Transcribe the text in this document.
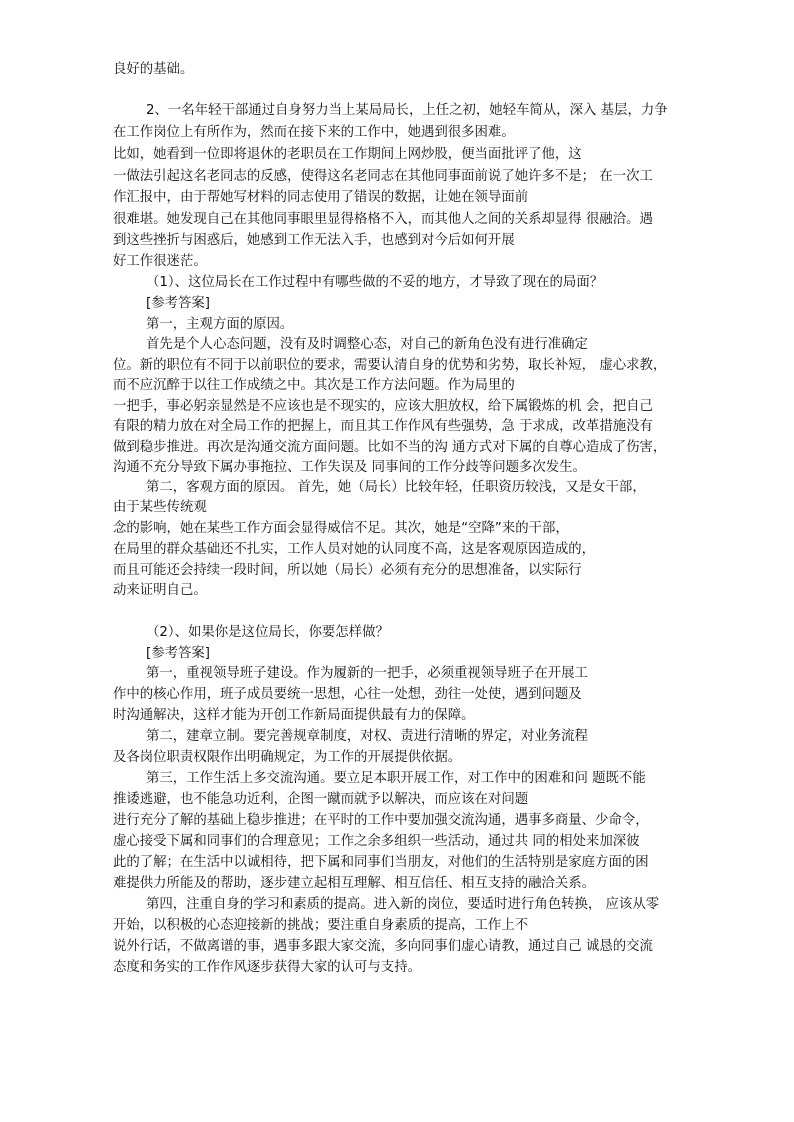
良好的基础。
2、一名年轻干部通过自身努力当上某局局长，上任之初，她轻车简从，深入 基层，力争
在工作岗位上有所作为，然而在接下来的工作中，她遇到很多困难。
比如，她看到一位即将退休的老职员在工作期间上网炒股，便当面批评了他，这
一做法引起这名老同志的反感，使得这名老同志在其他同事面前说了她许多不是； 在一次工
作汇报中，由于帮她写材料的同志使用了错误的数据，让她在领导面前
很难堪。她发现自己在其他同事眼里显得格格不入，而其他人之间的关系却显得 很融洽。遇
到这些挫折与困惑后，她感到工作无法入手，也感到对今后如何开展
好工作很迷茫。
（1）、这位局长在工作过程中有哪些做的不妥的地方，才导致了现在的局面？
[参考答案]
第一，主观方面的原因。
首先是个人心态问题，没有及时调整心态，对自己的新角色没有进行准确定
位。新的职位有不同于以前职位的要求，需要认清自身的优势和劣势，取长补短， 虚心求教，
而不应沉醉于以往工作成绩之中。其次是工作方法问题。作为局里的
一把手，事必躬亲显然是不应该也是不现实的，应该大胆放权，给下属锻炼的机 会，把自己
有限的精力放在对全局工作的把握上，而且其工作作风有些强势，急 于求成，改革措施没有
做到稳步推进。再次是沟通交流方面问题。比如不当的沟 通方式对下属的自尊心造成了伤害，
沟通不充分导致下属办事拖拉、工作失误及 同事间的工作分歧等问题多次发生。
第二，客观方面的原因。 首先，她（局长）比较年轻，任职资历较浅，又是女干部，
由于某些传统观
念的影响，她在某些工作方面会显得威信不足。其次，她是“空降”来的干部，
在局里的群众基础还不扎实，工作人员对她的认同度不高，这是客观原因造成的，
而且可能还会持续一段时间，所以她（局长）必须有充分的思想准备，以实际行
动来证明自己。
（2）、如果你是这位局长，你要怎样做？
[参考答案]
第一，重视领导班子建设。作为履新的一把手，必须重视领导班子在开展工
作中的核心作用，班子成员要统一思想，心往一处想，劲往一处使，遇到问题及
时沟通解决，这样才能为开创工作新局面提供最有力的保障。
第二，建章立制。要完善规章制度，对权、责进行清晰的界定，对业务流程
及各岗位职责权限作出明确规定，为工作的开展提供依据。
第三，工作生活上多交流沟通。要立足本职开展工作，对工作中的困难和问 题既不能
推诿逃避，也不能急功近利，企图一蹴而就予以解决，而应该在对问题
进行充分了解的基础上稳步推进；在平时的工作中要加强交流沟通，遇事多商量、少命令，
虚心接受下属和同事们的合理意见；工作之余多组织一些活动，通过共 同的相处来加深彼
此的了解；在生活中以诚相待，把下属和同事们当朋友，对他们的生活特别是家庭方面的困
难提供力所能及的帮助，逐步建立起相互理解、相互信任、相互支持的融洽关系。
第四，注重自身的学习和素质的提高。进入新的岗位，要适时进行角色转换， 应该从零
开始，以积极的心态迎接新的挑战；要注重自身素质的提高，工作上不
说外行话，不做离谱的事，遇事多跟大家交流，多向同事们虚心请教，通过自己 诚恳的交流
态度和务实的工作作风逐步获得大家的认可与支持。
